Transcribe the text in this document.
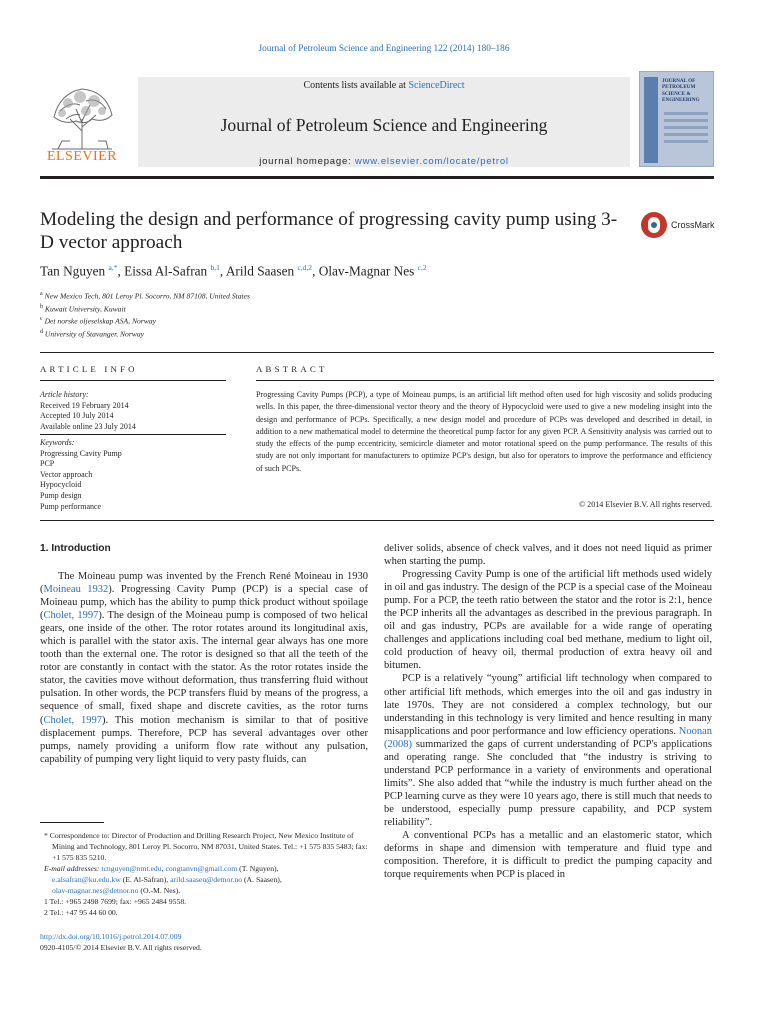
Journal of Petroleum Science and Engineering 122 (2014) 180–186
ELSEVIER
Contents lists available at ScienceDirect
Journal of Petroleum Science and Engineering
journal homepage: www.elsevier.com/locate/petrol
JOURNAL OF
PETROLEUM
SCIENCE &
ENGINEERING
Modeling the design and performance of progressing cavity pump using 3-D vector approach
CrossMark
Tan Nguyen $^{a,*}$, Eissa Al-Safran $^{b,1}$, Arild Saasen $^{c,d,2}$, Olav-Magnar Nes $^{c,2}$
$^a$ New Mexico Tech, 801 Leroy Pl. Socorro, NM 87108, United States
$^b$ Kuwait University, Kuwait
$^c$ Det norske oljeselskap ASA, Norway
$^d$ University of Stavanger, Norway
ARTICLE INFO	ABSTRACT
Article history:
Received 19 February 2014
Accepted 10 July 2014
Available online 23 July 2014
Keywords:
Progressing Cavity Pump
PCP
Vector approach
Hypocycloid
Pump design
Pump performance
Progressing Cavity Pumps (PCP), a type of Moineau pumps, is an artificial lift method often used for high viscosity and solids producing wells. In this paper, the three-dimensional vector theory and the theory of Hypocycloid were used to give a new modeling insight into the design and performance of PCPs. Specifically, a new design model and procedure of PCPs was developed and described in detail, in addition to a new mathematical model to determine the theoretical pump factor for any given PCP. A Sensitivity analysis was carried out to study the effects of the pump eccentricity, semicircle diameter and motor rotational speed on the pump performance. The results of this study are not only important for manufacturers to optimize PCP's design, but also for operators to improve the performance and efficiency of such PCPs.
© 2014 Elsevier B.V. All rights reserved.
1. Introduction

The Moineau pump was invented by the French René Moineau in 1930 (Moineau 1932). Progressing Cavity Pump (PCP) is a special case of Moineau pump, which has the ability to pump thick product without spoilage (Cholet, 1997). The design of the Moineau pump is composed of two helical gears, one inside of the other. The rotor rotates around its longitudinal axis, which is parallel with the stator axis. The internal gear always has one more tooth than the external one. The rotor is designed so that all the teeth of the rotor are constantly in contact with the stator. As the rotor rotates inside the stator, the cavities move without deformation, thus transferring fluid without pulsation. In other words, the PCP transfers fluid by means of the progress, a sequence of small, fixed shape and discrete cavities, as the rotor turns (Cholet, 1997). This motion mechanism is similar to that of positive displacement pumps. Therefore, PCP has several advantages over other pumps, namely providing a uniform flow rate without any pulsation, capability of pumping very light liquid to very pasty fluids, can

deliver solids, absence of check valves, and it does not need liquid as primer when starting the pump.

Progressing Cavity Pump is one of the artificial lift methods used widely in oil and gas industry. The design of the PCP is a special case of the Moineau pump. For a PCP, the teeth ratio between the stator and the rotor is 2:1, hence the PCP inherits all the advantages as described in the previous paragraph. In oil and gas industry, PCPs are available for a wide range of operating challenges and applications including coal bed methane, medium to light oil, cold production of heavy oil, thermal production of extra heavy oil and bitumen.

PCP is a relatively “young” artificial lift technology when compared to other artificial lift methods, which emerges into the oil and gas industry in late 1970s. They are not considered a complex technology, but our understanding in this technology is very limited and hence resulting in many misapplications and poor performance and low efficiency operations. Noonan (2008) summarized the gaps of current understanding of PCP's applications and operating range. She concluded that “the industry is striving to understand PCP performance in a variety of environments and operational limits”. She also added that “while the industry is much further ahead on the PCP learning curve as they were 10 years ago, there is still much that needs to be understood, especially pump pressure capability, and PCP system reliability”.

A conventional PCPs has a metallic and an elastomeric stator, which deforms in shape and dimension with temperature and fluid type and composition. Therefore, it is difficult to predict the pumping capacity and torque requirements when PCP is placed in

* Correspondence to: Director of Production and Drilling Research Project, New Mexico Institute of Mining and Technology, 801 Leroy Pl. Socorro, NM 87031, United States. Tel.: +1 575 835 5483; fax: +1 575 835 5210.
E-mail addresses: tcnguyen@nmt.edu, congtanvn@gmail.com (T. Nguyen),
e.alsafran@ku.edu.kw (E. Al-Safran), arild.saasen@detnor.no (A. Saasen),
olav-magnar.nes@detnor.no (O.-M. Nes).
1 Tel.: +965 2498 7699; fax: +965 2484 9558.
2 Tel.: +47 95 44 60 00.
http://dx.doi.org/10.1016/j.petrol.2014.07.009
0920-4105/© 2014 Elsevier B.V. All rights reserved.
